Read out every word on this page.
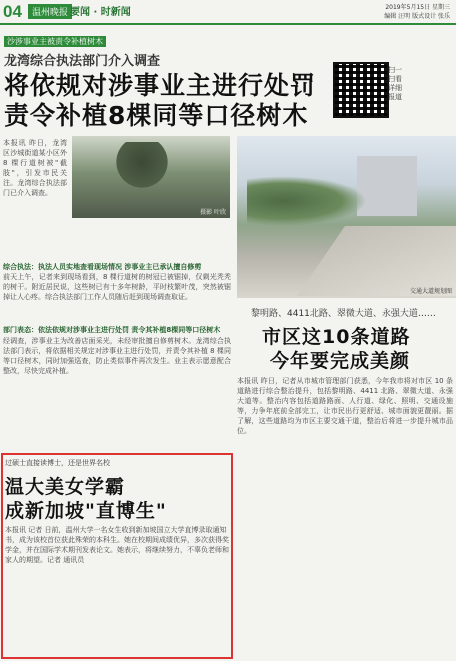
04	温州晚报 要闻 · 时新闻	2019年5月15日 星期三
编辑 汪明 版式设计 张乐
沙涉事业主被责令补植树木
龙湾综合执法部门介入调查
将依规对涉事业主进行处罚
责令补植8棵同等口径树木
扫一扫看详细报道
摄影 叶欣
本报讯 昨日，龙湾区沙城街道某小区外 8 棵行道树被"截肢"，引发市民关注。龙湾综合执法部门已介入调查。
综合执法：执法人员实地查看现场情况 涉事业主已承认擅自修剪
前天上午，记者来到现场看到，8 棵行道树的树冠已被锯掉，仅剩光秃秃的树干。附近居民说，这些树已有十多年树龄，平时枝繁叶茂，突然被锯掉让人心疼。综合执法部门工作人员随后赶到现场调查取证。
部门表态：依法依规对涉事业主进行处罚 责令其补植8棵同等口径树木
经调查，涉事业主为改善店面采光，未经审批擅自修剪树木。龙湾综合执法部门表示，将依据相关规定对涉事业主进行处罚，并责令其补植 8 棵同等口径树木，同时加强巡查，防止类似事件再次发生。业主表示愿意配合整改，尽快完成补植。
交通大道规划图
黎明路、4411北路、翠微大道、永强大道……
市区这10条道路
今年要完成美颜
本报讯 昨日，记者从市城市管理部门获悉，今年我市将对市区 10 条道路进行综合整治提升，包括黎明路、4411 北路、翠微大道、永强大道等。整治内容包括道路路面、人行道、绿化、照明、交通设施等，力争年底前全部完工，让市民出行更舒适、城市面貌更靓丽。据了解，这些道路均为市区主要交通干道，整治后将进一步提升城市品位。
过硕士直接读博士，还是世界名校
温大美女学霸
成新加坡"直博生"
本报讯 记者 日前，温州大学一名女生收到新加坡国立大学直博录取通知书，成为该校首位获此殊荣的本科生。她在校期间成绩优异，多次获得奖学金，并在国际学术期刊发表论文。她表示，将继续努力，不辜负老师和家人的期望。记者 通讯员
